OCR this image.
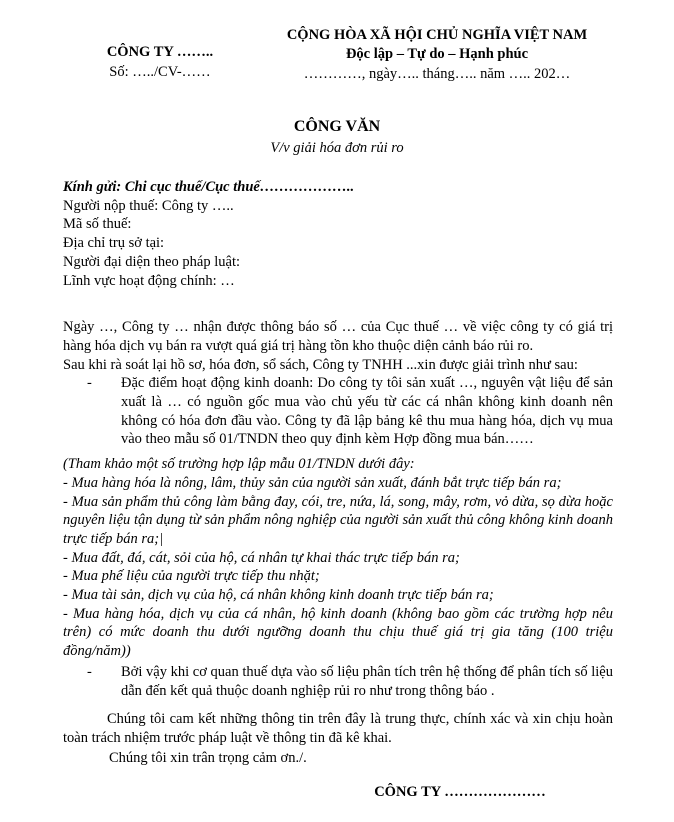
CÔNG TY ……..
Số: …../CV-……
CỘNG HÒA XÃ HỘI CHỦ NGHĨA VIỆT NAM
Độc lập – Tự do – Hạnh phúc
…………, ngày….. tháng….. năm ….. 202…
CÔNG VĂN
V/v giải hóa đơn rủi ro

Kính gửi: Chi cục thuế/Cục thuế………………..

Người nộp thuế: Công ty …..

Mã số thuế:

Địa chỉ trụ sở tại:

Người đại diện theo pháp luật:

Lĩnh vực hoạt động chính: …

Ngày …, Công ty … nhận được thông báo số … của Cục thuế … về việc công ty có giá trị hàng hóa dịch vụ bán ra vượt quá giá trị hàng tồn kho thuộc diện cảnh báo rủi ro.

Sau khi rà soát lại hồ sơ, hóa đơn, sổ sách, Công ty TNHH ...xin được giải trình như sau:

- Đặc điểm hoạt động kinh doanh: Do công ty tôi sản xuất …, nguyên vật liệu để sản xuất là … có nguồn gốc mua vào chủ yếu từ các cá nhân không kinh doanh nên không có hóa đơn đầu vào. Công ty đã lập bảng kê thu mua hàng hóa, dịch vụ mua vào theo mẫu số 01/TNDN theo quy định kèm Hợp đồng mua bán……

(Tham khảo một số trường hợp lập mẫu 01/TNDN dưới đây:

- Mua hàng hóa là nông, lâm, thủy sản của người sản xuất, đánh bắt trực tiếp bán ra;

- Mua sản phẩm thủ công làm bằng đay, cói, tre, nứa, lá, song, mây, rơm, vỏ dừa, sọ dừa hoặc nguyên liệu tận dụng từ sản phẩm nông nghiệp của người sản xuất thủ công không kinh doanh trực tiếp bán ra;|

- Mua đất, đá, cát, sỏi của hộ, cá nhân tự khai thác trực tiếp bán ra;

- Mua phế liệu của người trực tiếp thu nhặt;

- Mua tài sản, dịch vụ của hộ, cá nhân không kinh doanh trực tiếp bán ra;

- Mua hàng hóa, dịch vụ của cá nhân, hộ kinh doanh (không bao gồm các trường hợp nêu trên) có mức doanh thu dưới ngưỡng doanh thu chịu thuế giá trị gia tăng (100 triệu đồng/năm))

- Bởi vậy khi cơ quan thuế dựa vào số liệu phân tích trên hệ thống để phân tích số liệu dẫn đến kết quả thuộc doanh nghiệp rủi ro như trong thông báo .

Chúng tôi cam kết những thông tin trên đây là trung thực, chính xác và xin chịu hoàn toàn trách nhiệm trước pháp luật về thông tin đã kê khai.

Chúng tôi xin trân trọng cảm ơn./.

CÔNG TY …………………
